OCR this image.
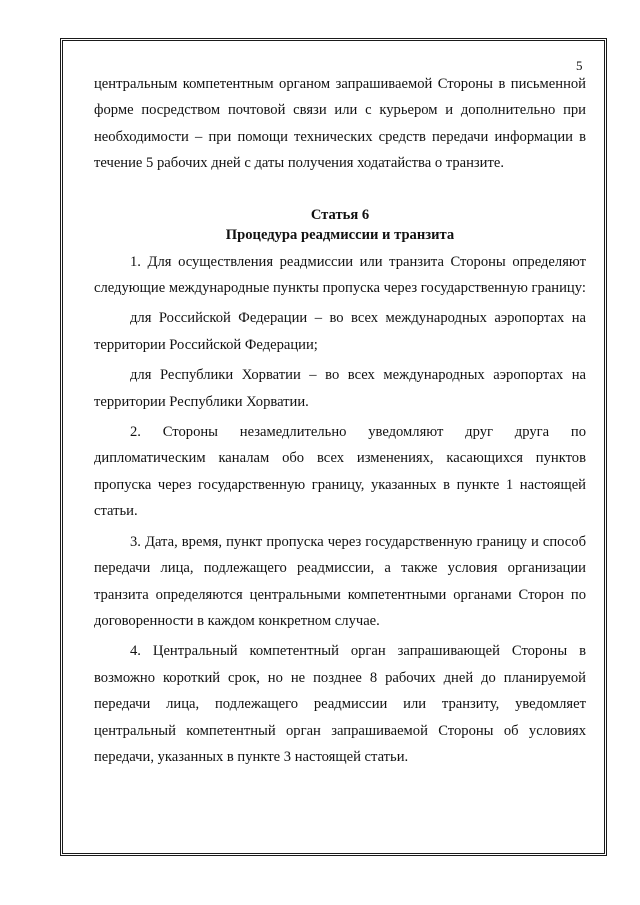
5

центральным компетентным органом запрашиваемой Стороны в письменной форме посредством почтовой связи или с курьером и дополнительно при необходимости – при помощи технических средств передачи информации в течение 5 рабочих дней с даты получения ходатайства о транзите.

Статья 6

Процедура реадмиссии и транзита

1. Для осуществления реадмиссии или транзита Стороны определяют следующие международные пункты пропуска через государственную границу:

для Российской Федерации – во всех международных аэропортах на территории Российской Федерации;

для Республики Хорватии – во всех международных аэропортах на территории Республики Хорватии.

2. Стороны незамедлительно уведомляют друг друга по дипломатическим каналам обо всех изменениях, касающихся пунктов пропуска через государственную границу, указанных в пункте 1 настоящей статьи.

3. Дата, время, пункт пропуска через государственную границу и способ передачи лица, подлежащего реадмиссии, а также условия организации транзита определяются центральными компетентными органами Сторон по договоренности в каждом конкретном случае.

4. Центральный компетентный орган запрашивающей Стороны в возможно короткий срок, но не позднее 8 рабочих дней до планируемой передачи лица, подлежащего реадмиссии или транзиту, уведомляет центральный компетентный орган запрашиваемой Стороны об условиях передачи, указанных в пункте 3 настоящей статьи.
